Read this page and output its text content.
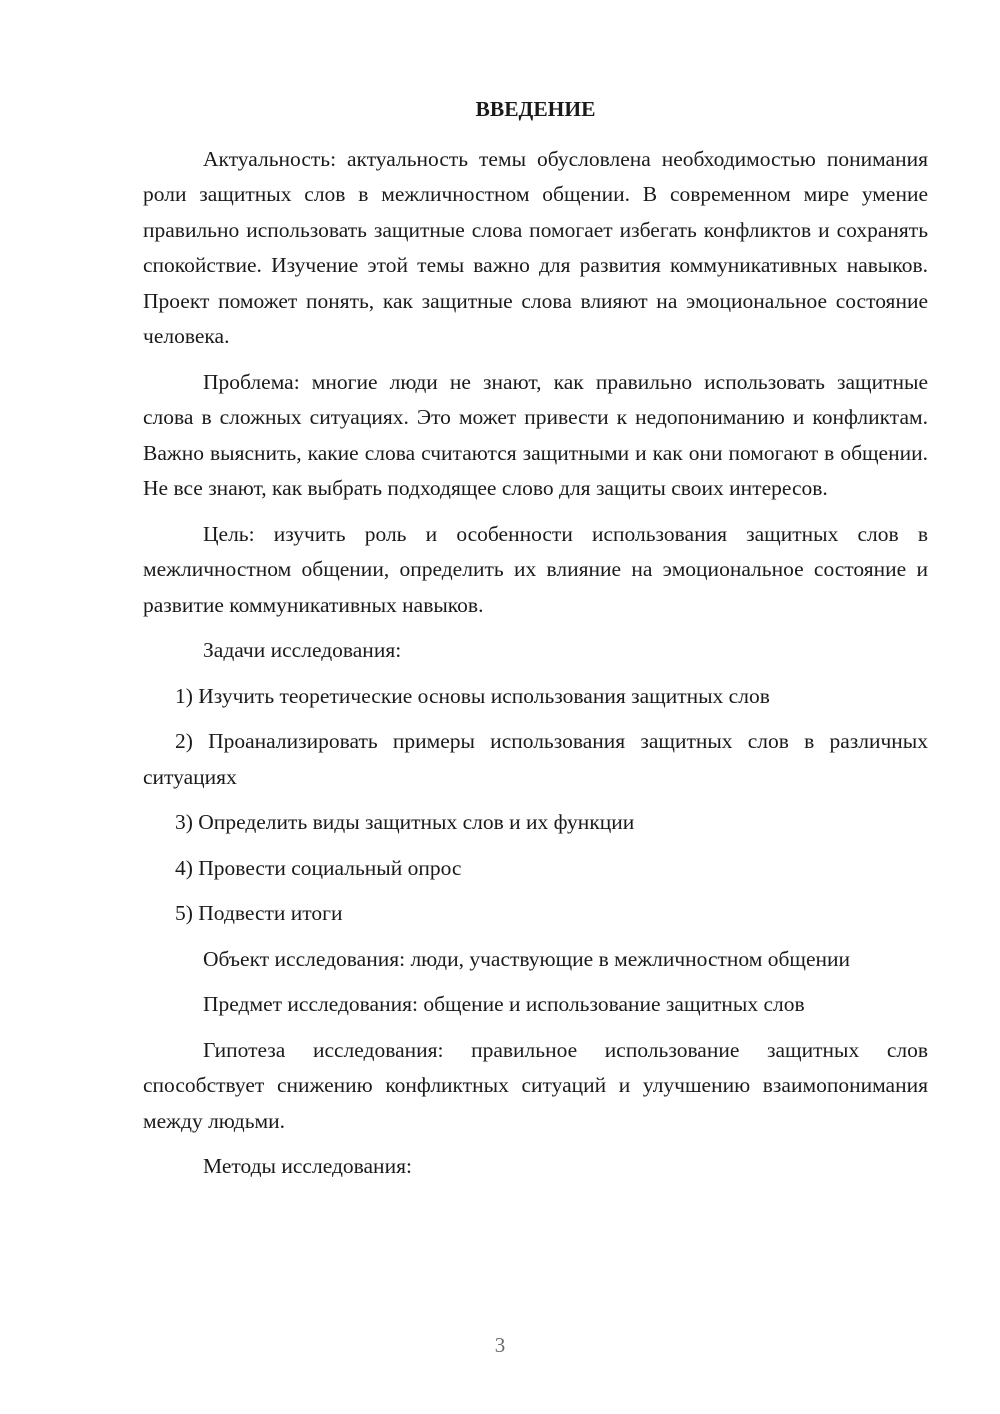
ВВЕДЕНИЕ

Актуальность: актуальность темы обусловлена необходимостью понимания роли защитных слов в межличностном общении. В современном мире умение правильно использовать защитные слова помогает избегать конфликтов и сохранять спокойствие. Изучение этой темы важно для развития коммуникативных навыков. Проект поможет понять, как защитные слова влияют на эмоциональное состояние человека.

Проблема: многие люди не знают, как правильно использовать защитные слова в сложных ситуациях. Это может привести к недопониманию и конфликтам. Важно выяснить, какие слова считаются защитными и как они помогают в общении. Не все знают, как выбрать подходящее слово для защиты своих интересов.

Цель: изучить роль и особенности использования защитных слов в межличностном общении, определить их влияние на эмоциональное состояние и развитие коммуникативных навыков.

Задачи исследования:

1) Изучить теоретические основы использования защитных слов

2) Проанализировать примеры использования защитных слов в различных ситуациях

3) Определить виды защитных слов и их функции

4) Провести социальный опрос

5) Подвести итоги

Объект исследования: люди, участвующие в межличностном общении

Предмет исследования: общение и использование защитных слов

Гипотеза исследования: правильное использование защитных слов способствует снижению конфликтных ситуаций и улучшению взаимопонимания между людьми.

Методы исследования:

3
